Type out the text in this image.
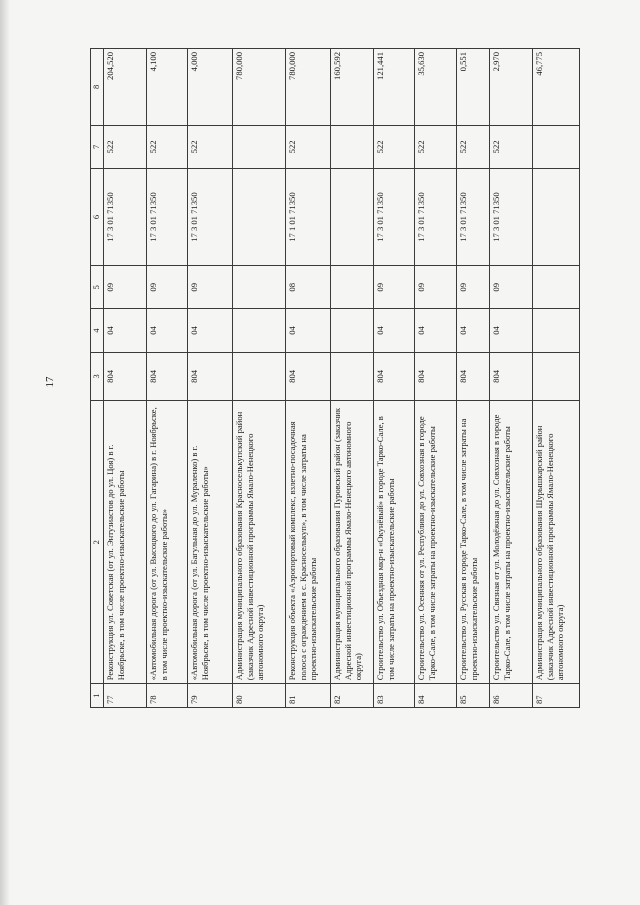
17
1	2	3	4	5	6	7	8
77	Реконструкция ул. Советская (от ул. Энтузиастов до ул. Цоя) в г. Ноябрьске, в том числе проектно-изыскательские работы	804	04	09	17 3 01 71350	522	204,520
78	«Автомобильная дорога (от ул. Высоцкого до ул. Гагарина) в г. Ноябрьске, в том числе проектно-изыскательские работы»	804	04	09	17 3 01 71350	522	4,100
79	«Автомобильная дорога (от ул. Багульная до ул. Мураленко) в г. Ноябрьске, в том числе проектно-изыскательские работы»	804	04	09	17 3 01 71350	522	4,000
80	Администрация муниципального образования Красноселькупский район (заказчик Адресной инвестиционной программы Ямало-Ненецкого автономного округа)						780,000
81	Реконструкция объекта «Аэропортовый комплекс, взлетно-посадочная полоса с ограждением в с. Красноселькуп», в том числе затраты на проектно-изыскательские работы	804	04	08	17 1 01 71350	522	780,000
82	Администрация муниципального образования Пуровский район (заказчик Адресной инвестиционной программы Ямало-Ненецкого автономного округа)						160,592
83	Строительство ул. Объездная мкр-н «Окунёвый» в городе Тарко-Сале, в том числе затраты на проектно-изыскательские работы	804	04	09	17 3 01 71350	522	121,441
84	Строительство ул. Осенняя от ул. Республики до ул. Совхозная в городе Тарко-Сале, в том числе затраты на проектно-изыскательские работы	804	04	09	17 3 01 71350	522	35,630
85	Строительство ул. Русская в городе Тарко-Сале, в том числе затраты на проектно-изыскательские работы	804	04	09	17 3 01 71350	522	0,551
86	Строительство ул. Связная от ул. Молодёжная до ул. Совхозная в городе Тарко-Сале, в том числе затраты на проектно-изыскательские работы	804	04	09	17 3 01 71350	522	2,970
87	Администрация муниципального образования Шурышкарский район (заказчик Адресной инвестиционной программы Ямало-Ненецкого автономного округа)						46,775
